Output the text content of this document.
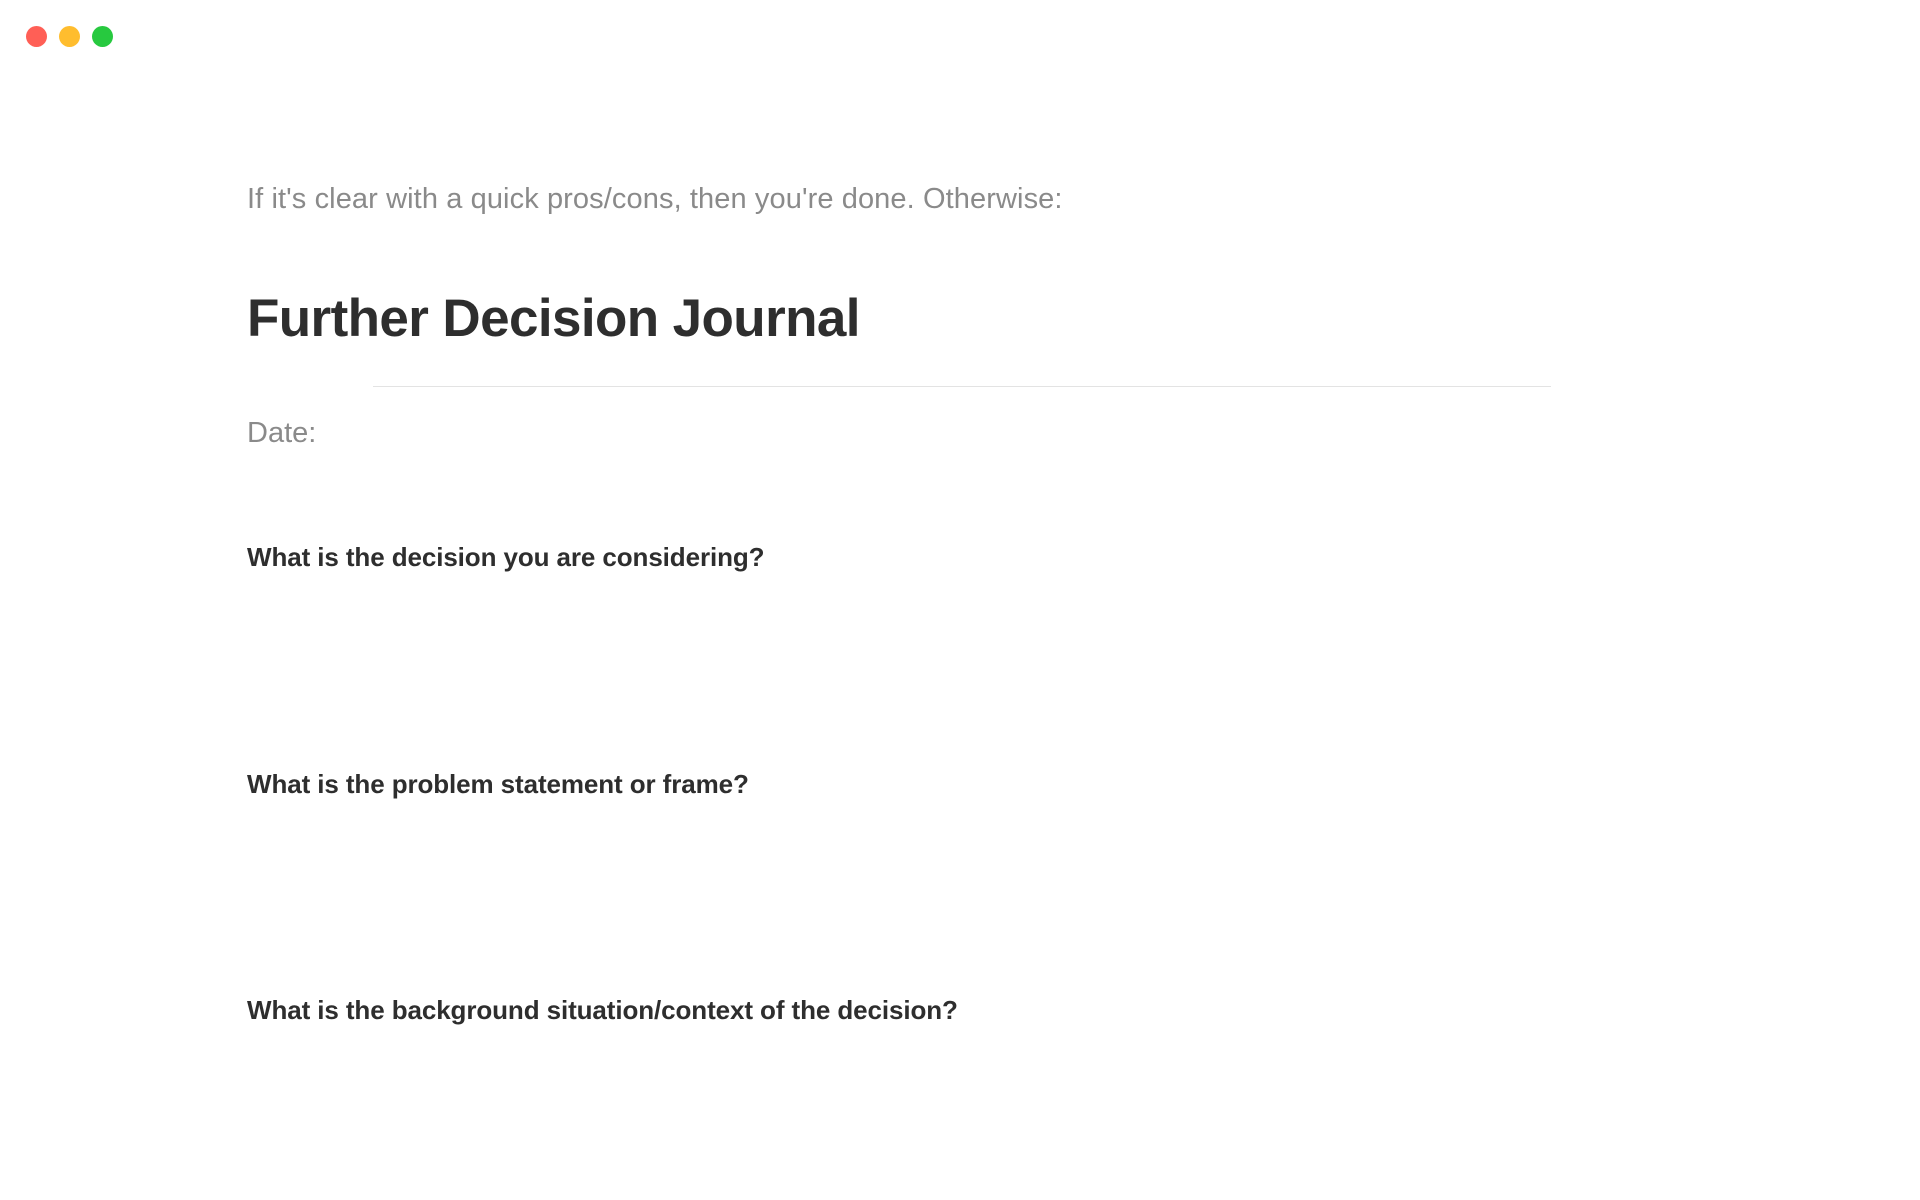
If it's clear with a quick pros/cons, then you're done. Otherwise:

Further Decision Journal

Date:

What is the decision you are considering?
What is the problem statement or frame?
What is the background situation/context of the decision?
